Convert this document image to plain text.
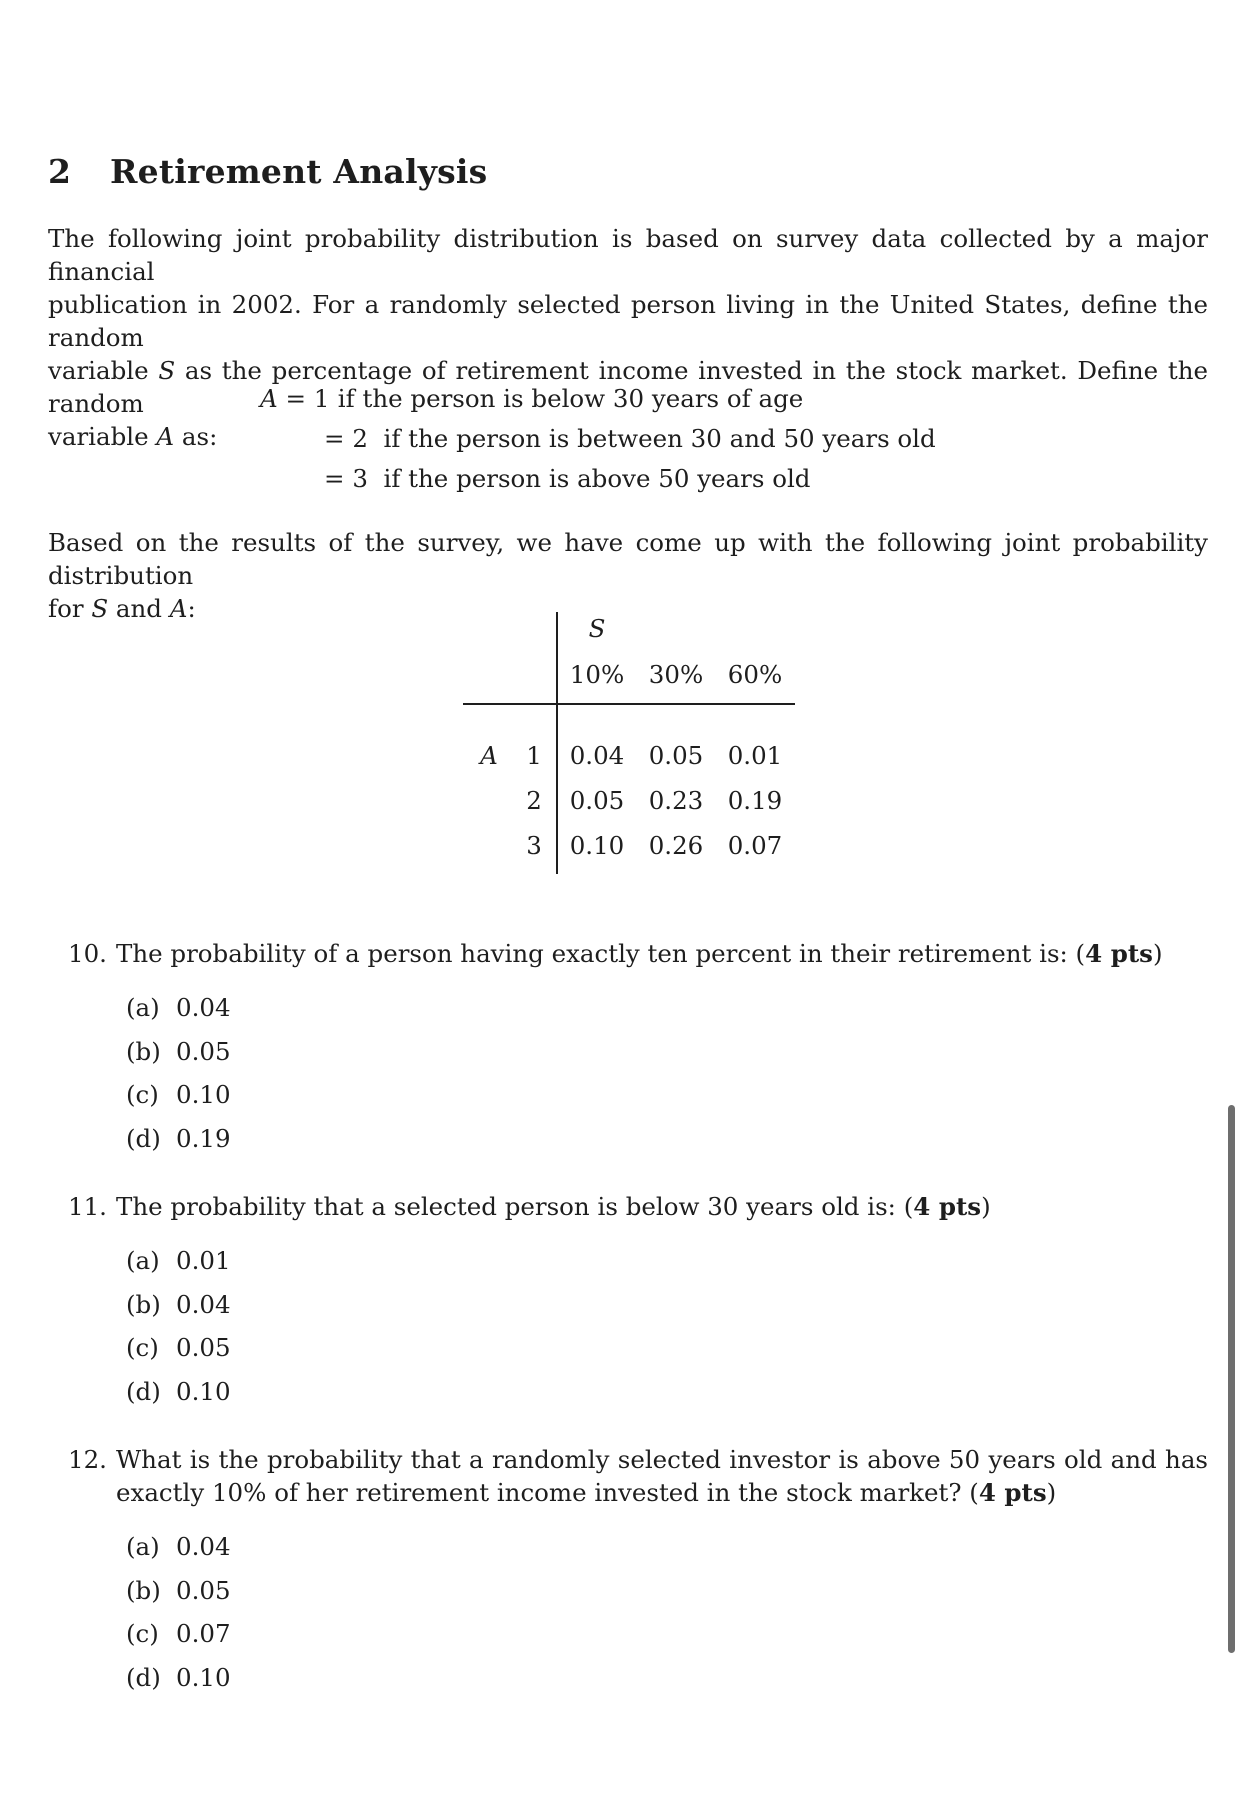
2 Retirement Analysis
The following joint probability distribution is based on survey data collected by a major financial
publication in 2002. For a randomly selected person living in the United States, define the random
variable S as the percentage of retirement income invested in the stock market. Define the random
variable A as:
A = 1 if the person is below 30 years of age
= 2 if the person is between 30 and 50 years old
= 3 if the person is above 50 years old
Based on the results of the survey, we have come up with the following joint probability distribution
for S and A:
S
10% 30% 60%
A 1 0.04 0.05 0.01
2 0.05 0.23 0.19
3 0.10 0.26 0.07
10. The probability of a person having exactly ten percent in their retirement is: (4 pts)
(a) 0.04
(b) 0.05
(c) 0.10
(d) 0.19
11. The probability that a selected person is below 30 years old is: (4 pts)
(a) 0.01
(b) 0.04
(c) 0.05
(d) 0.10
12. What is the probability that a randomly selected investor is above 50 years old and has
exactly 10% of her retirement income invested in the stock market? (4 pts)
(a) 0.04
(b) 0.05
(c) 0.07
(d) 0.10
